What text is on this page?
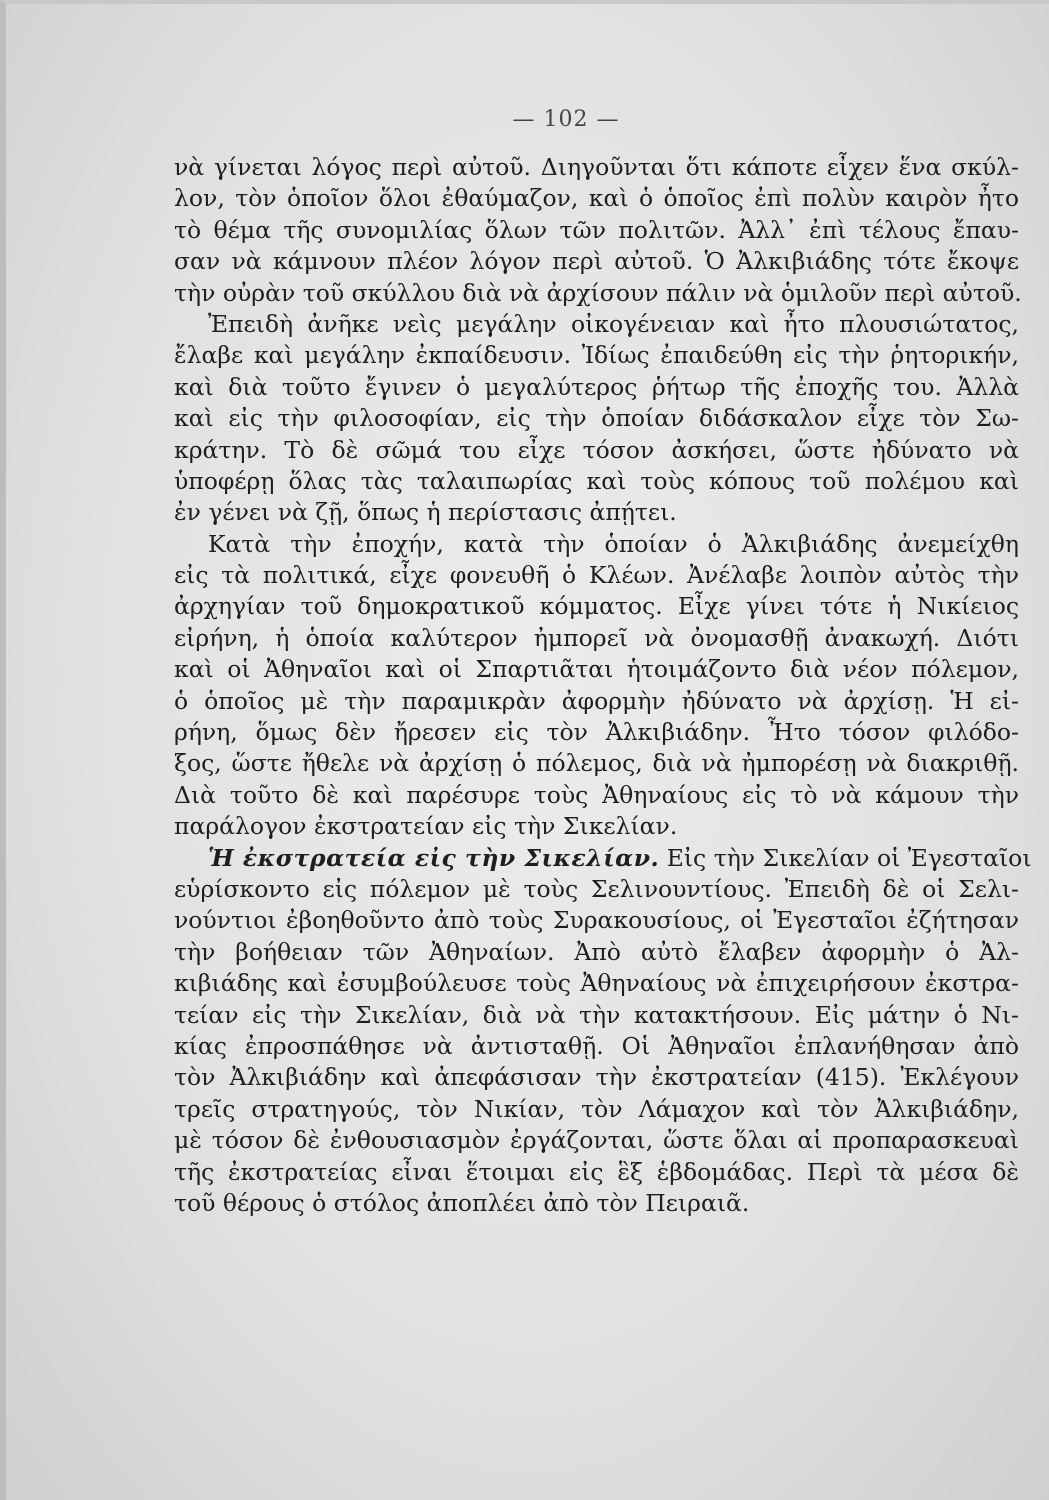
— 102 —
νὰ γίνεται λόγος περὶ αὐτοῦ. Διηγοῦνται ὅτι κάποτε εἶχεν ἕνα σκύλ-
λον, τὸν ὁποῖον ὅλοι ἐθαύμαζον, καὶ ὁ ὁποῖος ἐπὶ πολὺν καιρὸν ἦτο
τὸ θέμα τῆς συνομιλίας ὅλων τῶν πολιτῶν. Ἀλλ᾿ ἐπὶ τέλους ἔπαυ-
σαν νὰ κάμνουν πλέον λόγον περὶ αὐτοῦ. Ὁ Ἀλκιβιάδης τότε ἔκοψε
τὴν οὐρὰν τοῦ σκύλλου διὰ νὰ ἀρχίσουν πάλιν νὰ ὁμιλοῦν περὶ αὐτοῦ.
Ἐπειδὴ ἀνῆκε νεὶς μεγάλην οἰκογένειαν καὶ ἦτο πλουσιώτατος,
ἔλαβε καὶ μεγάλην ἐκπαίδευσιν. Ἰδίως ἐπαιδεύθη εἰς τὴν ῥητορικήν,
καὶ διὰ τοῦτο ἔγινεν ὁ μεγαλύτερος ῥήτωρ τῆς ἐποχῆς του. Ἀλλὰ
καὶ εἰς τὴν φιλοσοφίαν, εἰς τὴν ὁποίαν διδάσκαλον εἶχε τὸν Σω-
κράτην. Τὸ δὲ σῶμά του εἶχε τόσον ἀσκήσει, ὥστε ἠδύνατο νὰ
ὑποφέρῃ ὅλας τὰς ταλαιπωρίας καὶ τοὺς κόπους τοῦ πολέμου καὶ
ἐν γένει νὰ ζῇ, ὅπως ἡ περίστασις ἀπῄτει.
Κατὰ τὴν ἐποχήν, κατὰ τὴν ὁποίαν ὁ Ἀλκιβιάδης ἀνεμείχθη
εἰς τὰ πολιτικά, εἶχε φονευθῆ ὁ Κλέων. Ἀνέλαβε λοιπὸν αὐτὸς τὴν
ἀρχηγίαν τοῦ δημοκρατικοῦ κόμματος. Εἶχε γίνει τότε ἡ Νικίειος
εἰρήνη, ἡ ὁποία καλύτερον ἠμπορεῖ νὰ ὀνομασθῇ ἀνακωχή. Διότι
καὶ οἱ Ἀθηναῖοι καὶ οἱ Σπαρτιᾶται ἡτοιμάζοντο διὰ νέον πόλεμον,
ὁ ὁποῖος μὲ τὴν παραμικρὰν ἀφορμὴν ἠδύνατο νὰ ἀρχίσῃ. Ἡ εἰ-
ρήνη, ὅμως δὲν ἤρεσεν εἰς τὸν Ἀλκιβιάδην. Ἦτο τόσον φιλόδο-
ξος, ὥστε ἤθελε νὰ ἀρχίσῃ ὁ πόλεμος, διὰ νὰ ἠμπορέσῃ νὰ διακριθῇ.
Διὰ τοῦτο δὲ καὶ παρέσυρε τοὺς Ἀθηναίους εἰς τὸ νὰ κάμουν τὴν
παράλογον ἐκστρατείαν εἰς τὴν Σικελίαν.
Ἡ ἐκστρατεία εἰς τὴν Σικελίαν. Εἰς τὴν Σικελίαν οἱ Ἐγεσταῖοι
εὑρίσκοντο εἰς πόλεμον μὲ τοὺς Σελινουντίους. Ἐπειδὴ δὲ οἱ Σελι-
νούντιοι ἐβοηθοῦντο ἀπὸ τοὺς Συρακουσίους, οἱ Ἐγεσταῖοι ἐζήτησαν
τὴν βοήθειαν τῶν Ἀθηναίων. Ἀπὸ αὐτὸ ἔλαβεν ἀφορμὴν ὁ Ἀλ-
κιβιάδης καὶ ἐσυμβούλευσε τοὺς Ἀθηναίους νὰ ἐπιχειρήσουν ἐκστρα-
τείαν εἰς τὴν Σικελίαν, διὰ νὰ τὴν κατακτήσουν. Εἰς μάτην ὁ Νι-
κίας ἐπροσπάθησε νὰ ἀντισταθῇ. Οἱ Ἀθηναῖοι ἐπλανήθησαν ἀπὸ
τὸν Ἀλκιβιάδην καὶ ἀπεφάσισαν τὴν ἐκστρατείαν (415). Ἐκλέγουν
τρεῖς στρατηγούς, τὸν Νικίαν, τὸν Λάμαχον καὶ τὸν Ἀλκιβιάδην,
μὲ τόσον δὲ ἐνθουσιασμὸν ἐργάζονται, ὥστε ὅλαι αἱ προπαρασκευαὶ
τῆς ἐκστρατείας εἶναι ἕτοιμαι εἰς ἓξ ἑβδομάδας. Περὶ τὰ μέσα δὲ
τοῦ θέρους ὁ στόλος ἀποπλέει ἀπὸ τὸν Πειραιᾶ.
